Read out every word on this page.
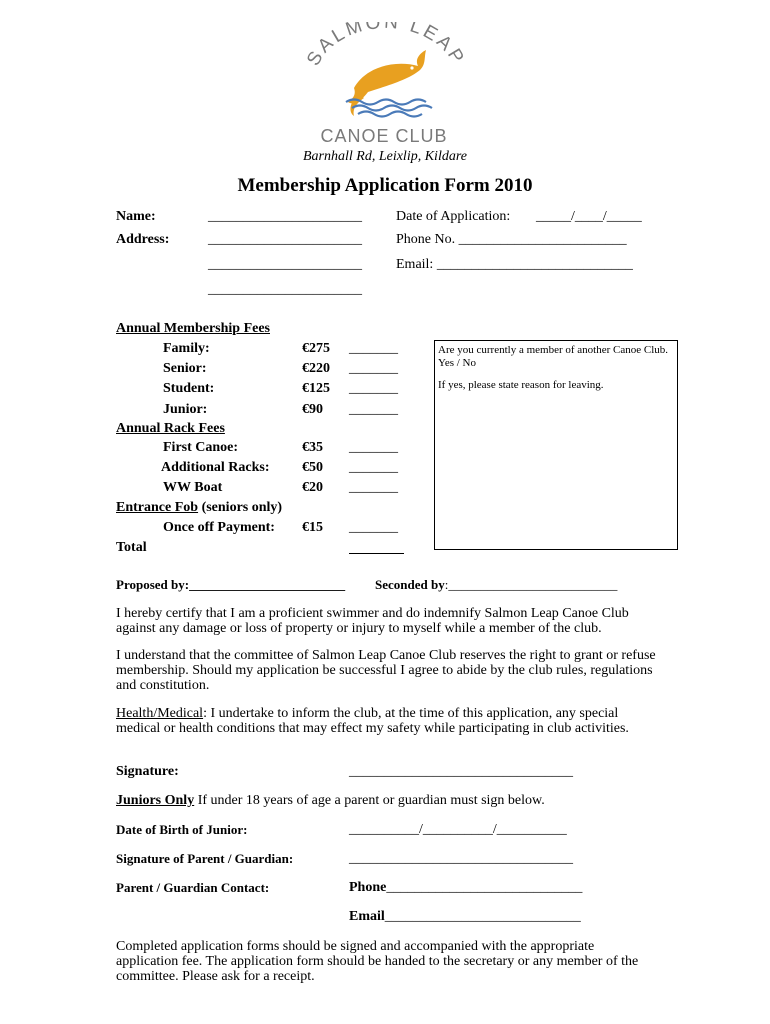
SALMON LEAP
CANOE CLUB
Barnhall Rd, Leixlip, Kildare
Membership Application Form 2010
Name:	______________________
Address:	______________________
______________________
______________________
Date of Application: _____/____/_____
Phone No. ________________________
Email: ____________________________
Annual Membership Fees
Family:	€275 _______
Senior:	€220 _______
Student:	€125 _______
Junior:	€90 _______
Annual Rack Fees
First Canoe:	€35 _______
Additional Racks: €50 _______
WW Boat	€20 _______
Entrance Fob (seniors only)
Once off Payment: €15 _______
Total
Are you currently a member of another Canoe Club. Yes / No
If yes, please state reason for leaving.
Proposed by:________________________ Seconded by:__________________________
I hereby certify that I am a proficient swimmer and do indemnify Salmon Leap Canoe Club against any damage or loss of property or injury to myself while a member of the club.
I understand that the committee of Salmon Leap Canoe Club reserves the right to grant or refuse membership. Should my application be successful I agree to abide by the club rules, regulations and constitution.
Health/Medical: I undertake to inform the club, at the time of this application, any special medical or health conditions that may effect my safety while participating in club activities.
Signature:	________________________________
Juniors Only If under 18 years of age a parent or guardian must sign below.
Date of Birth of Junior:	__________/__________/__________
Signature of Parent / Guardian:	________________________________
Parent / Guardian Contact:	Phone____________________________
Email____________________________
Completed application forms should be signed and accompanied with the appropriate application fee. The application form should be handed to the secretary or any member of the committee. Please ask for a receipt.
